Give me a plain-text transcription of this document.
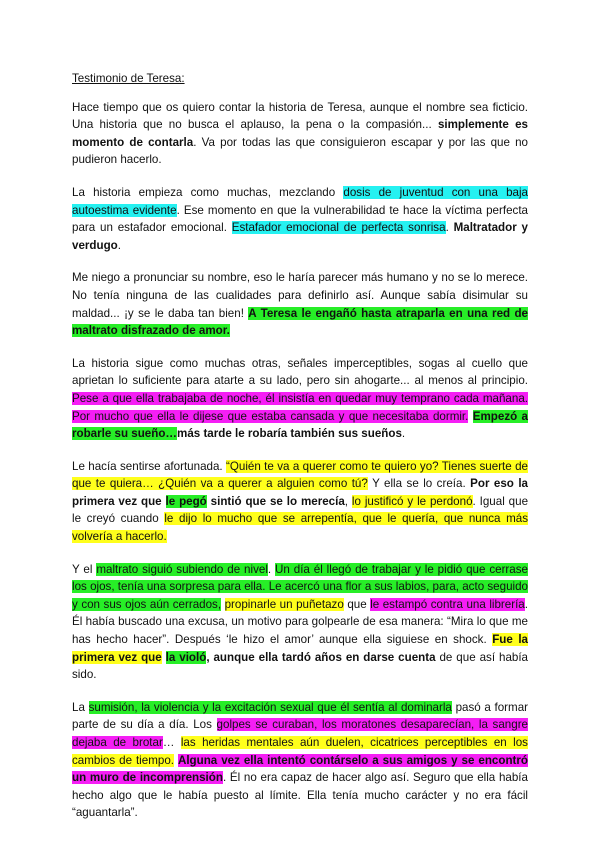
Testimonio de Teresa:

Hace tiempo que os quiero contar la historia de Teresa, aunque el nombre sea ficticio. Una historia que no busca el aplauso, la pena o la compasión... simplemente es momento de contarla. Va por todas las que consiguieron escapar y por las que no pudieron hacerlo.

La historia empieza como muchas, mezclando dosis de juventud con una baja autoestima evidente. Ese momento en que la vulnerabilidad te hace la víctima perfecta para un estafador emocional. Estafador emocional de perfecta sonrisa. Maltratador y verdugo.

Me niego a pronunciar su nombre, eso le haría parecer más humano y no se lo merece. No tenía ninguna de las cualidades para definirlo así. Aunque sabía disimular su maldad... ¡y se le daba tan bien! A Teresa le engañó hasta atraparla en una red de maltrato disfrazado de amor.

La historia sigue como muchas otras, señales imperceptibles, sogas al cuello que aprietan lo suficiente para atarte a su lado, pero sin ahogarte... al menos al principio. Pese a que ella trabajaba de noche, él insistía en quedar muy temprano cada mañana. Por mucho que ella le dijese que estaba cansada y que necesitaba dormir. Empezó a robarle su sueño…más tarde le robaría también sus sueños.

Le hacía sentirse afortunada. “Quién te va a querer como te quiero yo? Tienes suerte de que te quiera… ¿Quién va a querer a alguien como tú? Y ella se lo creía. Por eso la primera vez que le pegó sintió que se lo merecía, lo justificó y le perdonó. Igual que le creyó cuando le dijo lo mucho que se arrepentía, que le quería, que nunca más volvería a hacerlo.

Y el maltrato siguió subiendo de nivel. Un día él llegó de trabajar y le pidió que cerrase los ojos, tenía una sorpresa para ella. Le acercó una flor a sus labios, para, acto seguido y con sus ojos aún cerrados, propinarle un puñetazo que le estampó contra una librería. Él había buscado una excusa, un motivo para golpearle de esa manera: “Mira lo que me has hecho hacer”. Después ‘le hizo el amor’ aunque ella siguiese en shock. Fue la primera vez que la violó, aunque ella tardó años en darse cuenta de que así había sido.

La sumisión, la violencia y la excitación sexual que él sentía al dominarla pasó a formar parte de su día a día. Los golpes se curaban, los moratones desaparecían, la sangre dejaba de brotar… las heridas mentales aún duelen, cicatrices perceptibles en los cambios de tiempo. Alguna vez ella intentó contárselo a sus amigos y se encontró un muro de incomprensión. Él no era capaz de hacer algo así. Seguro que ella había hecho algo que le había puesto al límite. Ella tenía mucho carácter y no era fácil “aguantarla”.
